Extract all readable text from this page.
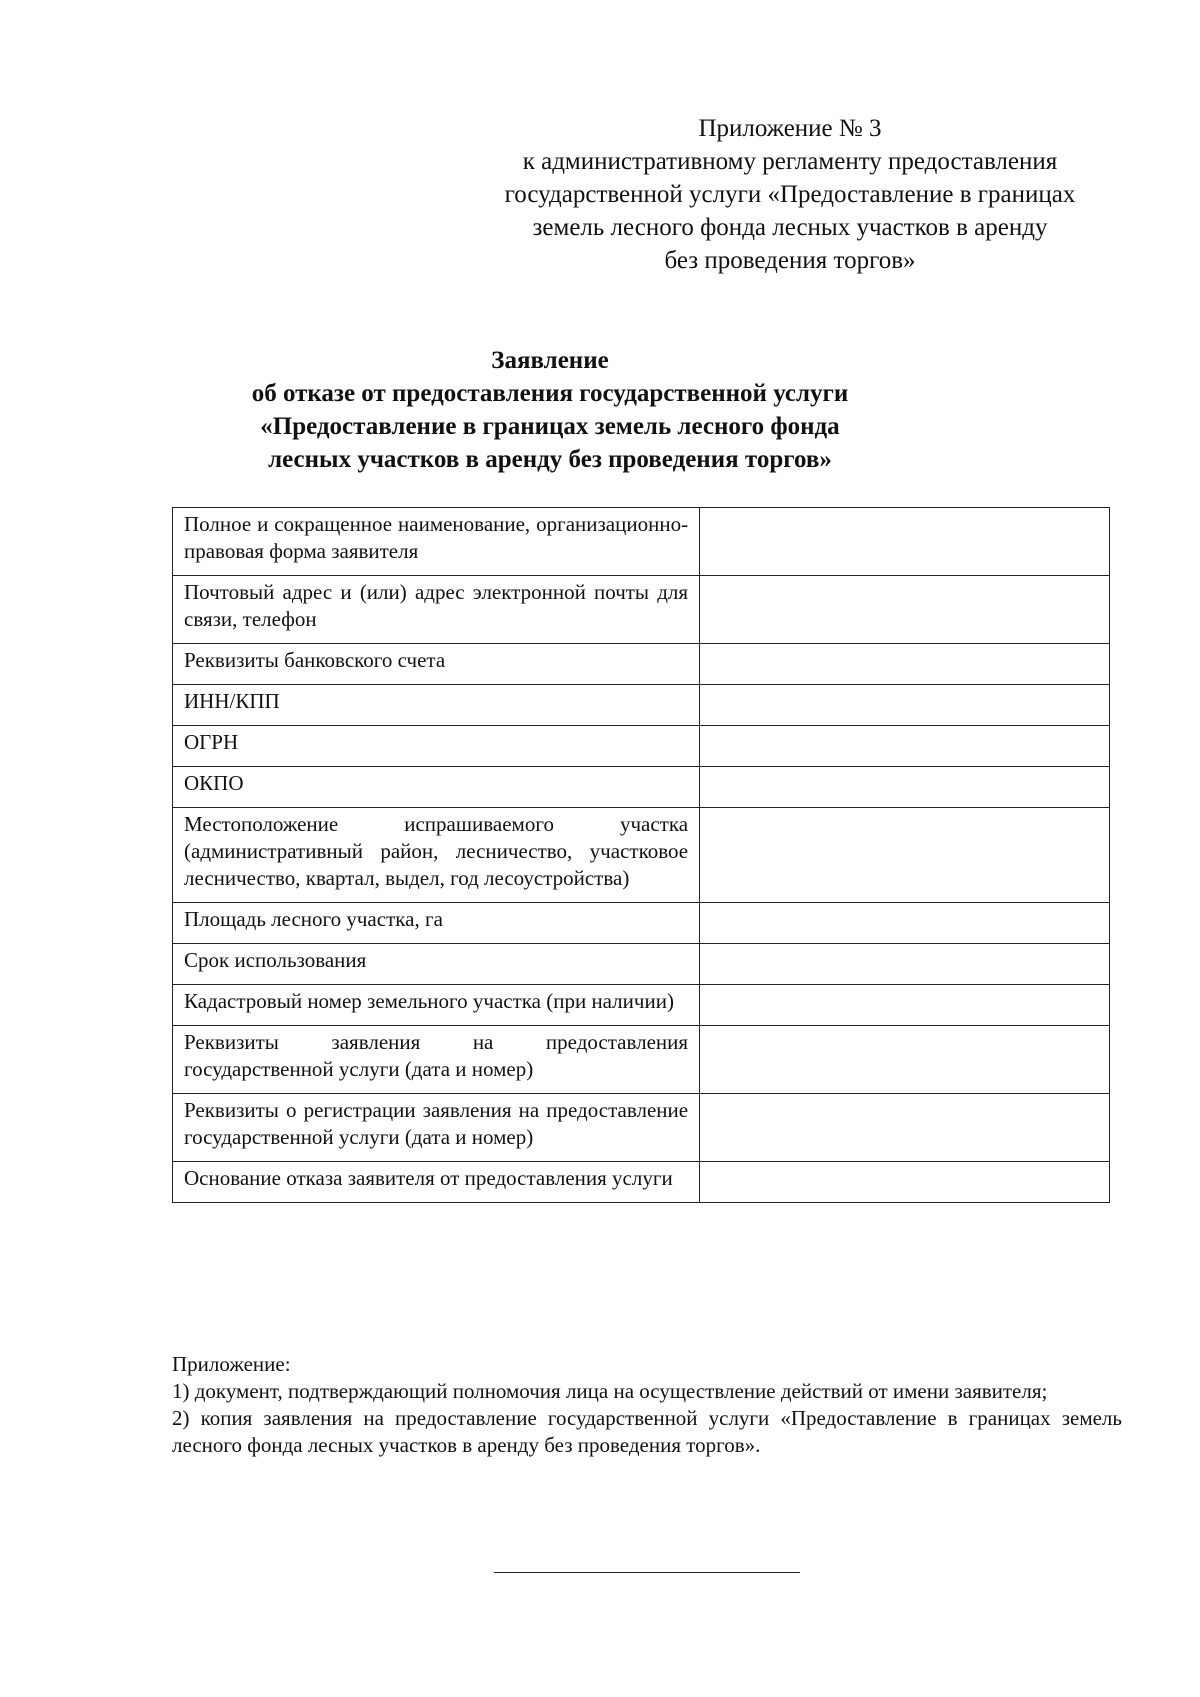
Приложение № 3
к административному регламенту предоставления
государственной услуги «Предоставление в границах
земель лесного фонда лесных участков в аренду
без проведения торгов»
Заявление
об отказе от предоставления государственной услуги
«Предоставление в границах земель лесного фонда
лесных участков в аренду без проведения торгов»
Полное и сокращенное наименование, организационно-правовая форма заявителя	
Почтовый адрес и (или) адрес электронной почты для связи, телефон	
Реквизиты банковского счета	
ИНН/КПП	
ОГРН	
ОКПО	
Местоположение испрашиваемого участка (административный район, лесничество, участковое лесничество, квартал, выдел, год лесоустройства)	
Площадь лесного участка, га	
Срок использования	
Кадастровый номер земельного участка (при наличии)	
Реквизиты заявления на предоставления государственной услуги (дата и номер)	
Реквизиты о регистрации заявления на предоставление государственной услуги (дата и номер)	
Основание отказа заявителя от предоставления услуги	

Приложение:

1) документ, подтверждающий полномочия лица на осуществление действий от имени заявителя;

2) копия заявления на предоставление государственной услуги «Предоставление в границах земель лесного фонда лесных участков в аренду без проведения торгов».
